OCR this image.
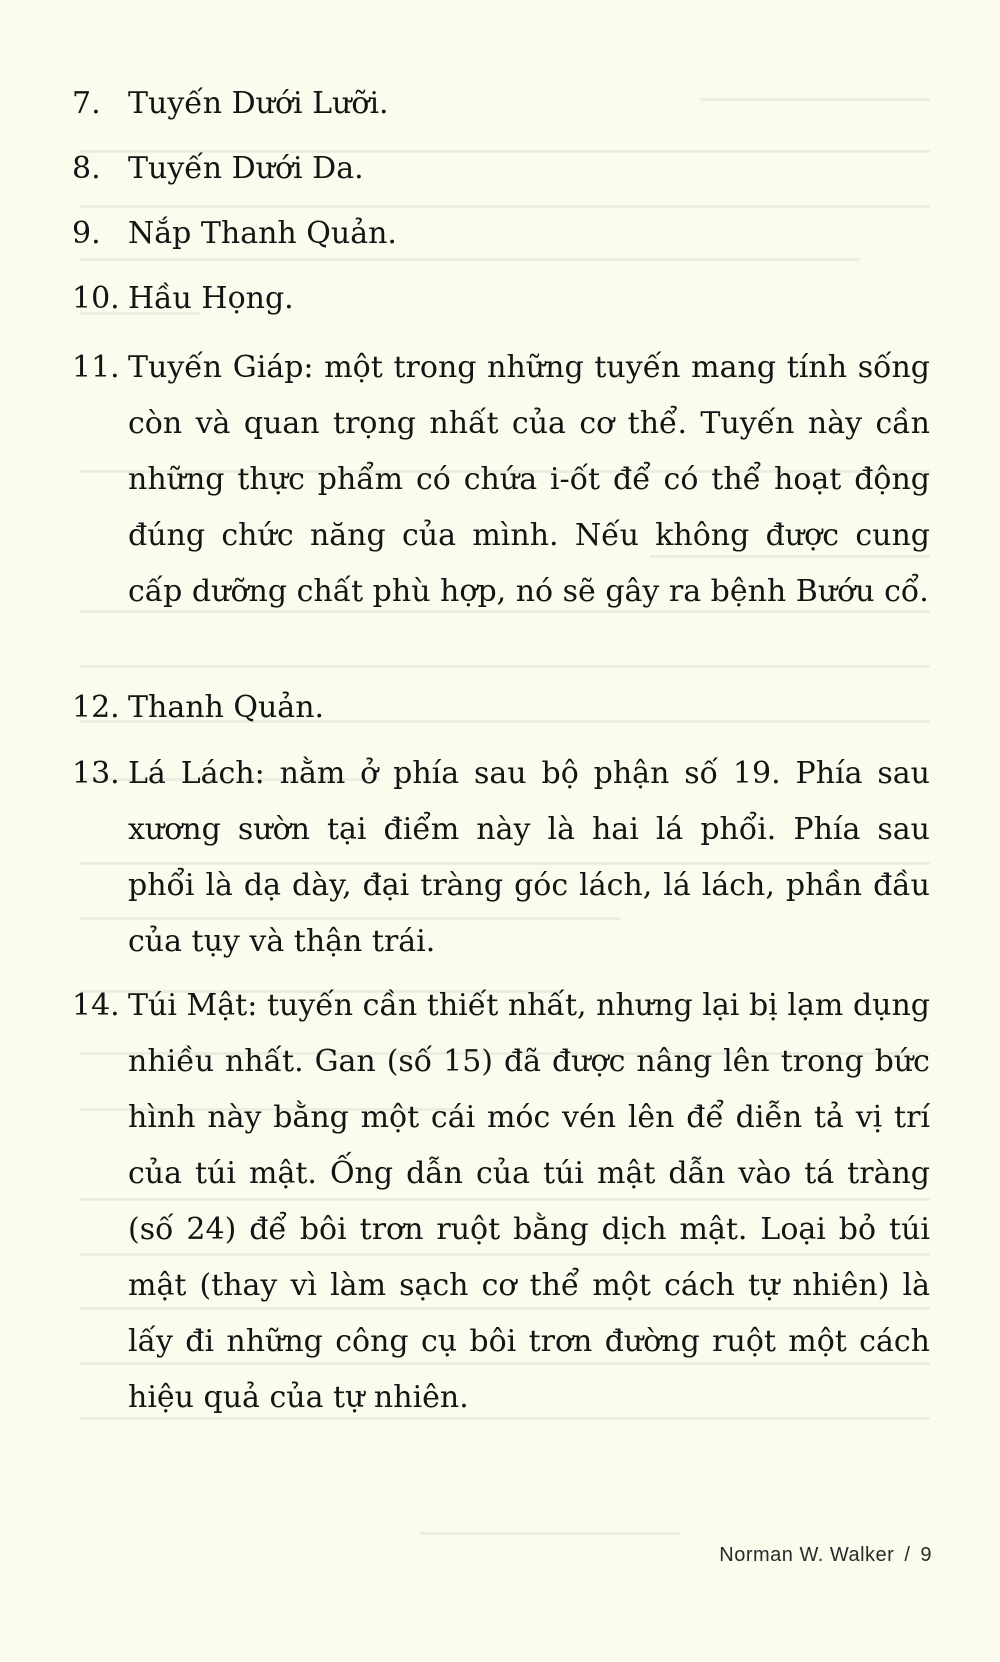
7. Tuyến Dưới Lưỡi.

8. Tuyến Dưới Da.

9. Nắp Thanh Quản.

10. Hầu Họng.

11. Tuyến Giáp: một trong những tuyến mang tính sống còn và quan trọng nhất của cơ thể. Tuyến này cần những thực phẩm có chứa i-ốt để có thể hoạt động đúng chức năng của mình. Nếu không được cung cấp dưỡng chất phù hợp, nó sẽ gây ra bệnh Bướu cổ.

12. Thanh Quản.

13. Lá Lách: nằm ở phía sau bộ phận số 19. Phía sau xương sườn tại điểm này là hai lá phổi. Phía sau phổi là dạ dày, đại tràng góc lách, lá lách, phần đầu của tụy và thận trái.

14. Túi Mật: tuyến cần thiết nhất, nhưng lại bị lạm dụng nhiều nhất. Gan (số 15) đã được nâng lên trong bức hình này bằng một cái móc vén lên để diễn tả vị trí của túi mật. Ống dẫn của túi mật dẫn vào tá tràng (số 24) để bôi trơn ruột bằng dịch mật. Loại bỏ túi mật (thay vì làm sạch cơ thể một cách tự nhiên) là lấy đi những công cụ bôi trơn đường ruột một cách hiệu quả của tự nhiên.

Norman W. Walker / 9
